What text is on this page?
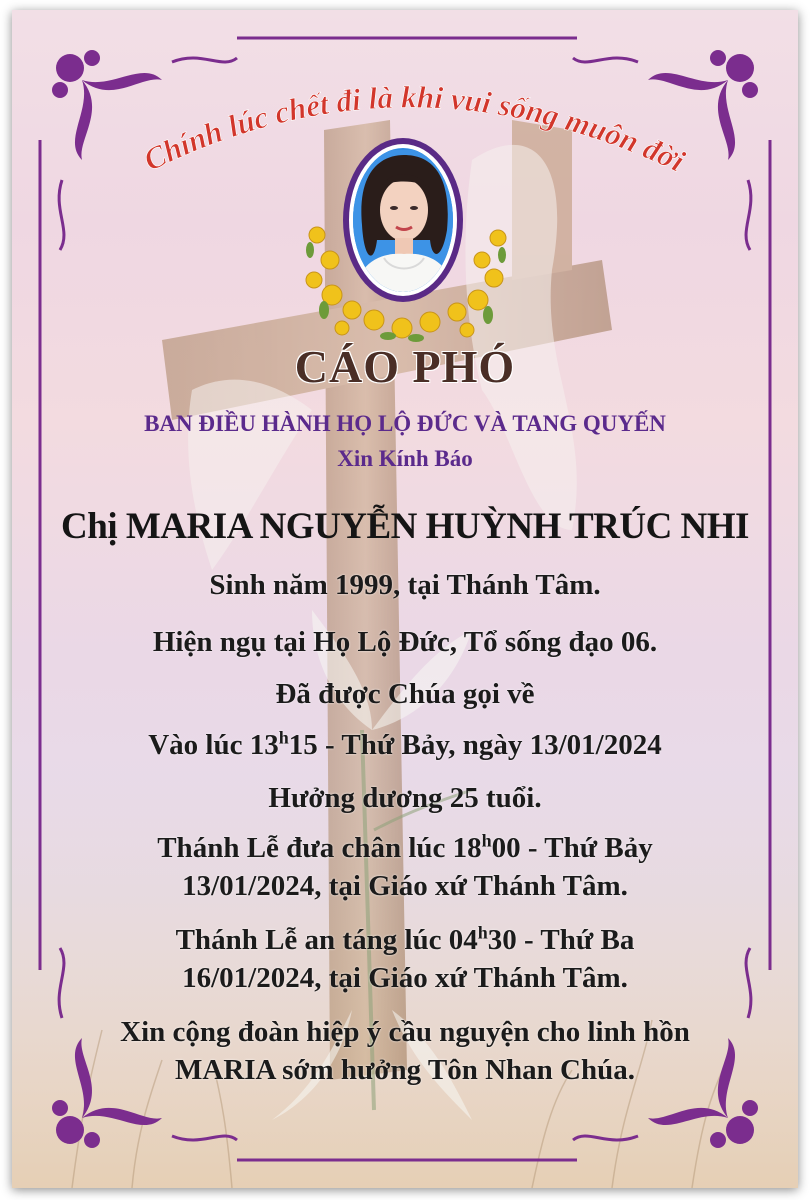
Chính lúc chết đi là khi vui sống muôn đời
CÁO PHÓ
BAN ĐIỀU HÀNH HỌ LỘ ĐỨC VÀ TANG QUYẾN
Xin Kính Báo
Chị MARIA NGUYỄN HUỲNH TRÚC NHI
Sinh năm 1999, tại Thánh Tâm.
Hiện ngụ tại Họ Lộ Đức, Tổ sống đạo 06.
Đã được Chúa gọi về
Vào lúc 13$^h$15 - Thứ Bảy, ngày 13/01/2024
Hưởng dương 25 tuổi.
Thánh Lễ đưa chân lúc 18$^h$00 - Thứ Bảy
13/01/2024, tại Giáo xứ Thánh Tâm.
Thánh Lễ an táng lúc 04$^h$30 - Thứ Ba
16/01/2024, tại Giáo xứ Thánh Tâm.
Xin cộng đoàn hiệp ý cầu nguyện cho linh hồn
MARIA sớm hưởng Tôn Nhan Chúa.
